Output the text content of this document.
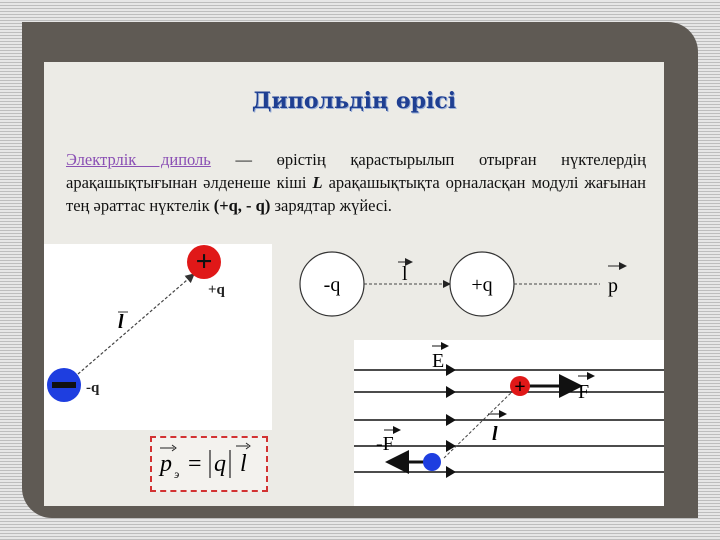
Дипольдің өрісі
Электрлік диполь — өрістің қарастырылып отырған нүктелердің арақашықтығынан әлденеше кіші L арақашықтықта орналасқан модулі жағынан тең әраттас нүктелік (+q, - q) зарядтар жүйесі.
l
+
+q
-q
-q	l	+q	p
E
l
+	F
-F
p э = q l
